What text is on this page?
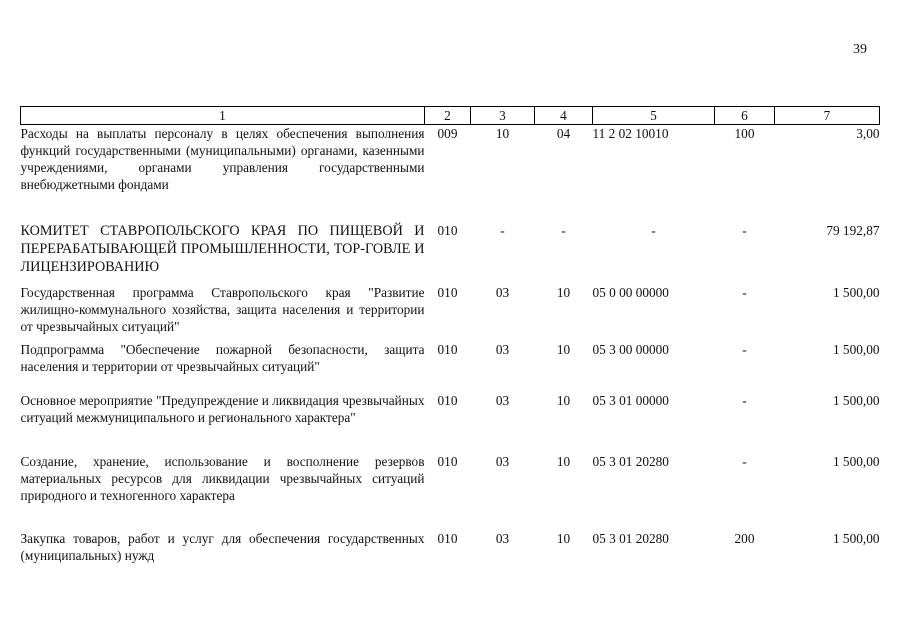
39
1	2	3	4	5	6	7
Расходы на выплаты персоналу в целях обеспечения выполнения функций государственными (муниципальными) органами, казенными учреждениями, органами управления государственными внебюджетными фондами	009	10	04	11 2 02 10010	100	3,00
КОМИТЕТ СТАВРОПОЛЬСКОГО КРАЯ ПО ПИЩЕВОЙ И ПЕРЕРАБАТЫВАЮЩЕЙ ПРОМЫШЛЕННОСТИ, ТОР-ГОВЛЕ И ЛИЦЕНЗИРОВАНИЮ	010	-	-	-	-	79 192,87
Государственная программа Ставропольского края "Развитие жилищно-коммунального хозяйства, защита населения и территории от чрезвычайных ситуаций"	010	03	10	05 0 00 00000	-	1 500,00
Подпрограмма "Обеспечение пожарной безопасности, защита населения и территории от чрезвычайных ситуаций"	010	03	10	05 3 00 00000	-	1 500,00
Основное мероприятие "Предупреждение и ликвидация чрезвычайных ситуаций межмуниципального и регионального характера"	010	03	10	05 3 01 00000	-	1 500,00
Создание, хранение, использование и восполнение резервов материальных ресурсов для ликвидации чрезвычайных ситуаций природного и техногенного характера	010	03	10	05 3 01 20280	-	1 500,00
Закупка товаров, работ и услуг для обеспечения государственных (муниципальных) нужд	010	03	10	05 3 01 20280	200	1 500,00
